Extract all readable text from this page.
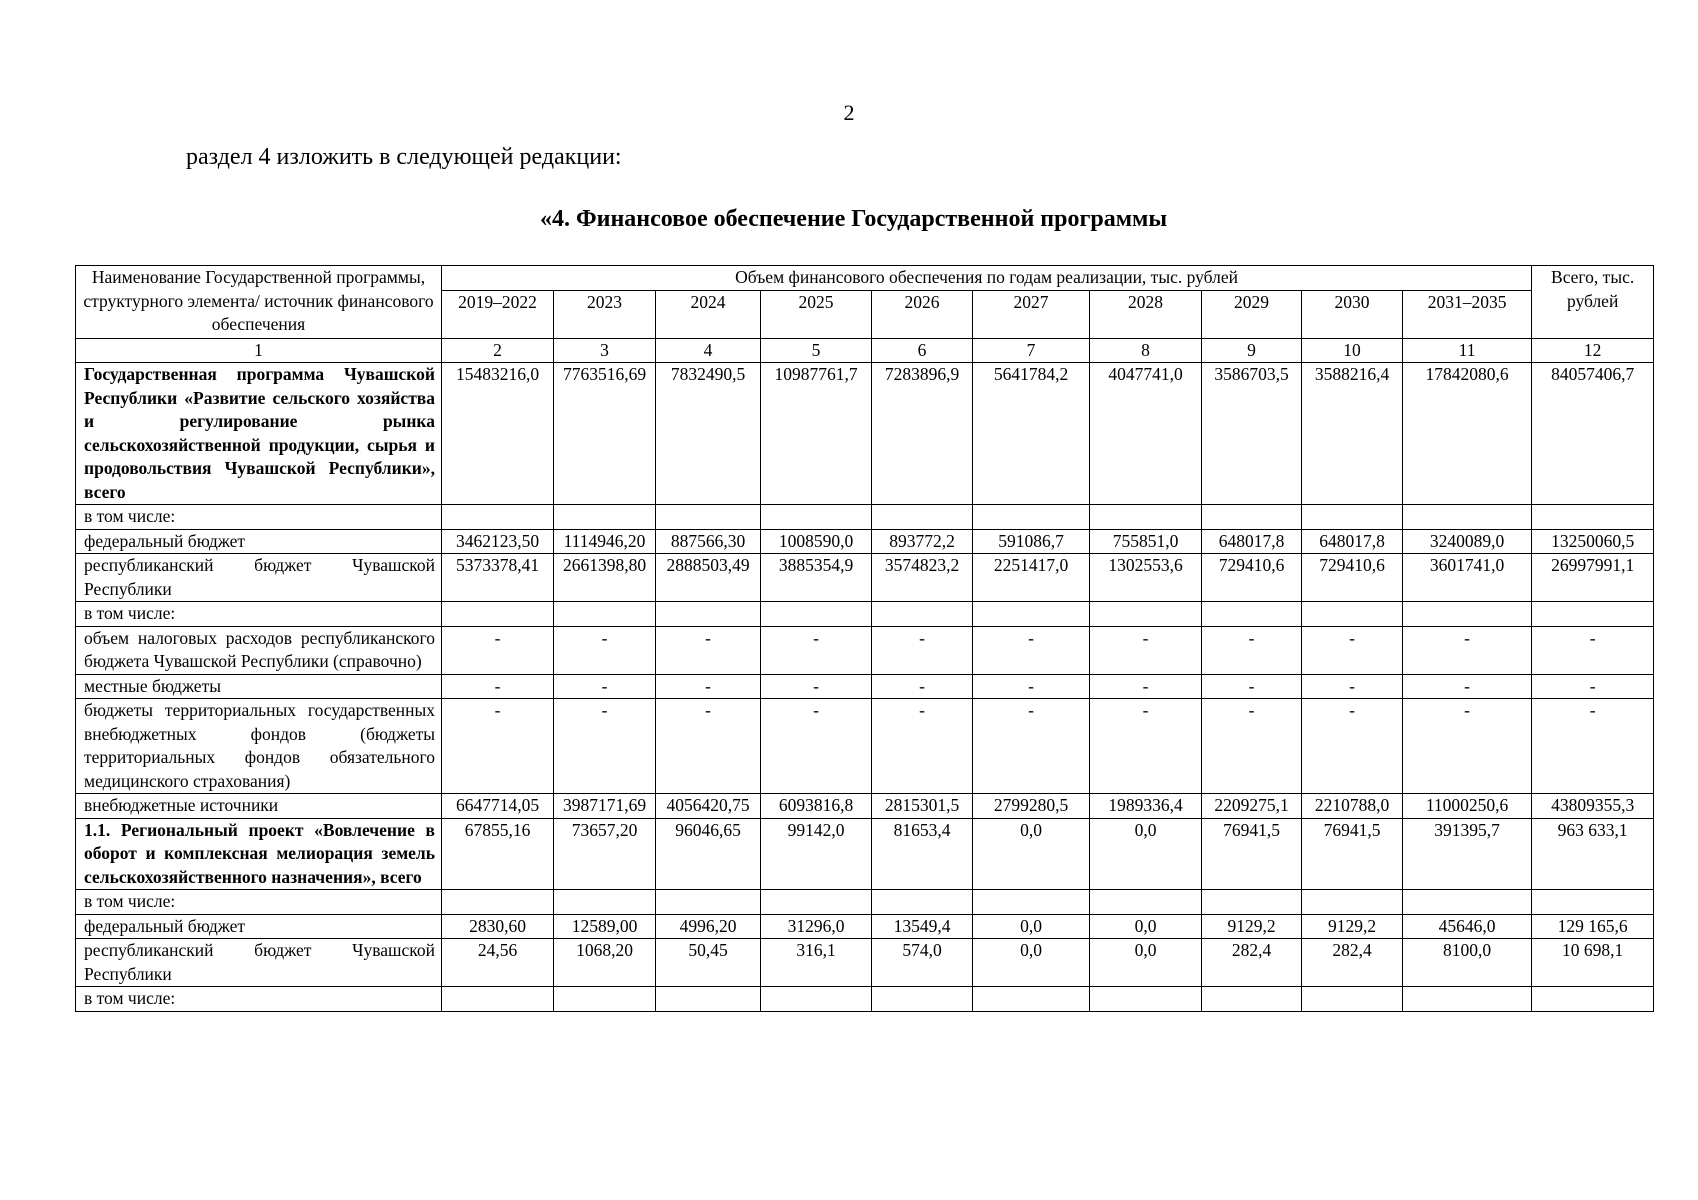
2
раздел 4 изложить в следующей редакции:
«4. Финансовое обеспечение Государственной программы
Наименование Государственной программы, структурного элемента/ источник финансового обеспечения	Объем финансового обеспечения по годам реализации, тыс. рублей										Всего, тыс. рублей
	2019–2022	2023	2024	2025	2026	2027	2028	2029	2030	2031–2035	
1	2	3	4	5	6	7	8	9	10	11	12
Государственная программа Чувашской Республики «Развитие сельского хозяйства и регулирование рынка сельскохозяйственной продукции, сырья и продовольствия Чувашской Республики», всего	15483216,0	7763516,69	7832490,5	10987761,7	7283896,9	5641784,2	4047741,0	3586703,5	3588216,4	17842080,6	84057406,7
в том числе:											
федеральный бюджет	3462123,50	1114946,20	887566,30	1008590,0	893772,2	591086,7	755851,0	648017,8	648017,8	3240089,0	13250060,5
республиканский бюджет Чувашской Республики	5373378,41	2661398,80	2888503,49	3885354,9	3574823,2	2251417,0	1302553,6	729410,6	729410,6	3601741,0	26997991,1
в том числе:											
объем налоговых расходов республиканского бюджета Чувашской Республики (справочно)	-	-	-	-	-	-	-	-	-	-	-
местные бюджеты	-	-	-	-	-	-	-	-	-	-	-
бюджеты территориальных государственных внебюджетных фондов (бюджеты территориальных фондов обязательного медицинского страхования)	-	-	-	-	-	-	-	-	-	-	-
внебюджетные источники	6647714,05	3987171,69	4056420,75	6093816,8	2815301,5	2799280,5	1989336,4	2209275,1	2210788,0	11000250,6	43809355,3
1.1. Региональный проект «Вовлечение в оборот и комплексная мелиорация земель сельскохозяйственного назначения», всего	67855,16	73657,20	96046,65	99142,0	81653,4	0,0	0,0	76941,5	76941,5	391395,7	963 633,1
в том числе:											
федеральный бюджет	2830,60	12589,00	4996,20	31296,0	13549,4	0,0	0,0	9129,2	9129,2	45646,0	129 165,6
республиканский бюджет Чувашской Республики	24,56	1068,20	50,45	316,1	574,0	0,0	0,0	282,4	282,4	8100,0	10 698,1
в том числе:											
